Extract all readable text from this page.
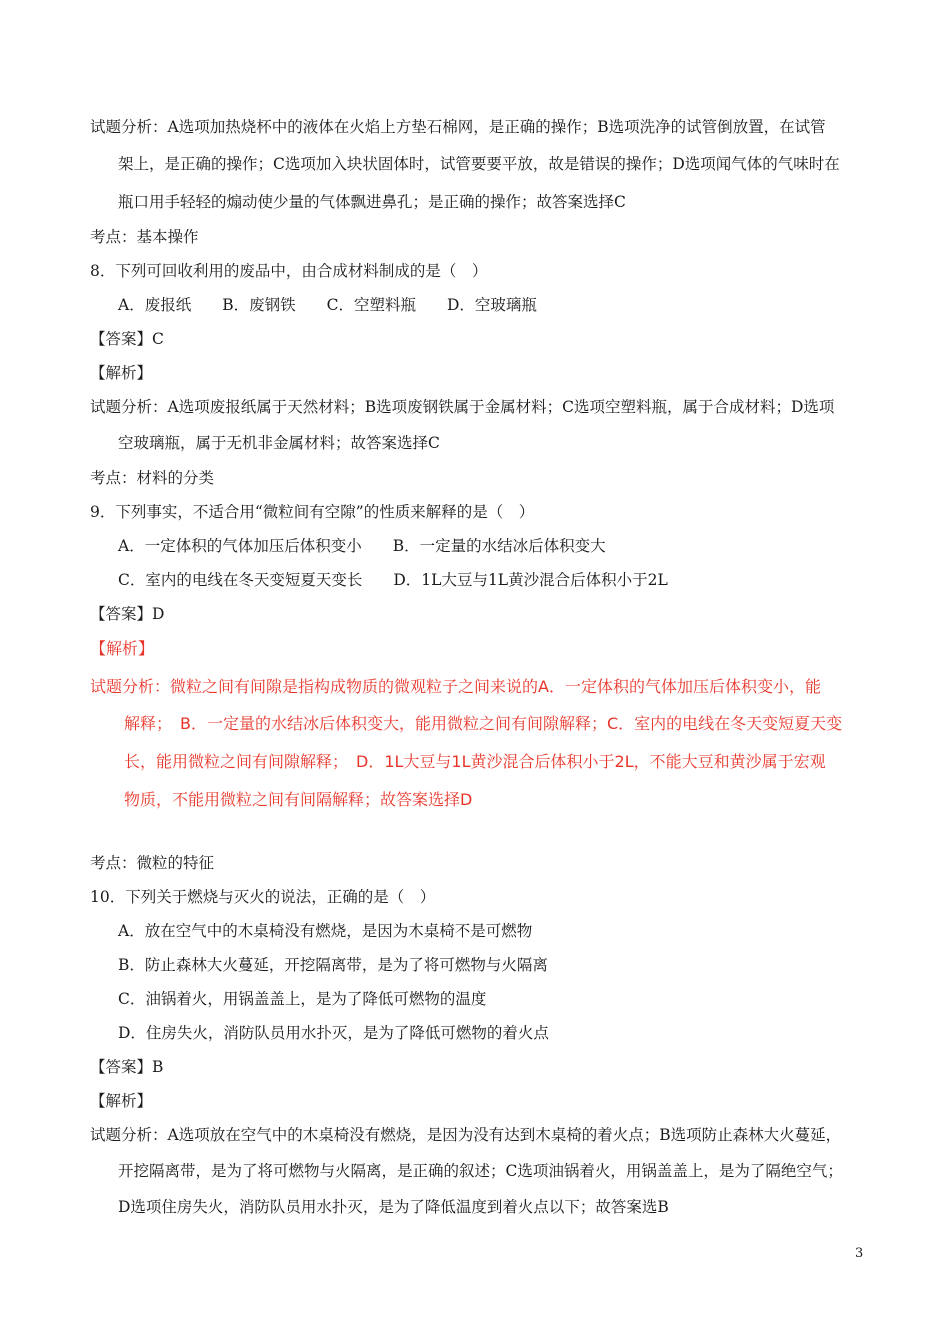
试题分析：A选项加热烧杯中的液体在火焰上方垫石棉网，是正确的操作；B选项洗净的试管倒放置，在试管
架上，是正确的操作；C选项加入块状固体时，试管要要平放，故是错误的操作；D选项闻气体的气味时在
瓶口用手轻轻的煽动使少量的气体飘进鼻孔；是正确的操作；故答案选择C
考点：基本操作
8．下列可回收利用的废品中，由合成材料制成的是（　）
A．废报纸　　B．废钢铁　　C．空塑料瓶　　D．空玻璃瓶
【答案】C
【解析】
试题分析：A选项废报纸属于天然材料；B选项废钢铁属于金属材料；C选项空塑料瓶，属于合成材料；D选项
空玻璃瓶，属于无机非金属材料；故答案选择C
考点：材料的分类
9．下列事实，不适合用“微粒间有空隙”的性质来解释的是（　）
A．一定体积的气体加压后体积变小　　B．一定量的水结冰后体积变大
C．室内的电线在冬天变短夏天变长　　D．1L大豆与1L黄沙混合后体积小于2L
【答案】D
【解析】
试题分析：微粒之间有间隙是指构成物质的微观粒子之间来说的A．一定体积的气体加压后体积变小，能
解释；　B．一定量的水结冰后体积变大，能用微粒之间有间隙解释；C．室内的电线在冬天变短夏天变
长，能用微粒之间有间隙解释；　D．1L大豆与1L黄沙混合后体积小于2L，不能大豆和黄沙属于宏观
物质，不能用微粒之间有间隔解释；故答案选择D
考点：微粒的特征
10．下列关于燃烧与灭火的说法，正确的是（　）
A．放在空气中的木桌椅没有燃烧，是因为木桌椅不是可燃物
B．防止森林大火蔓延，开挖隔离带，是为了将可燃物与火隔离
C．油锅着火，用锅盖盖上，是为了降低可燃物的温度
D．住房失火，消防队员用水扑灭，是为了降低可燃物的着火点
【答案】B
【解析】
试题分析：A选项放在空气中的木桌椅没有燃烧，是因为没有达到木桌椅的着火点；B选项防止森林大火蔓延，
开挖隔离带，是为了将可燃物与火隔离，是正确的叙述；C选项油锅着火，用锅盖盖上，是为了隔绝空气；
D选项住房失火，消防队员用水扑灭，是为了降低温度到着火点以下；故答案选B
3
